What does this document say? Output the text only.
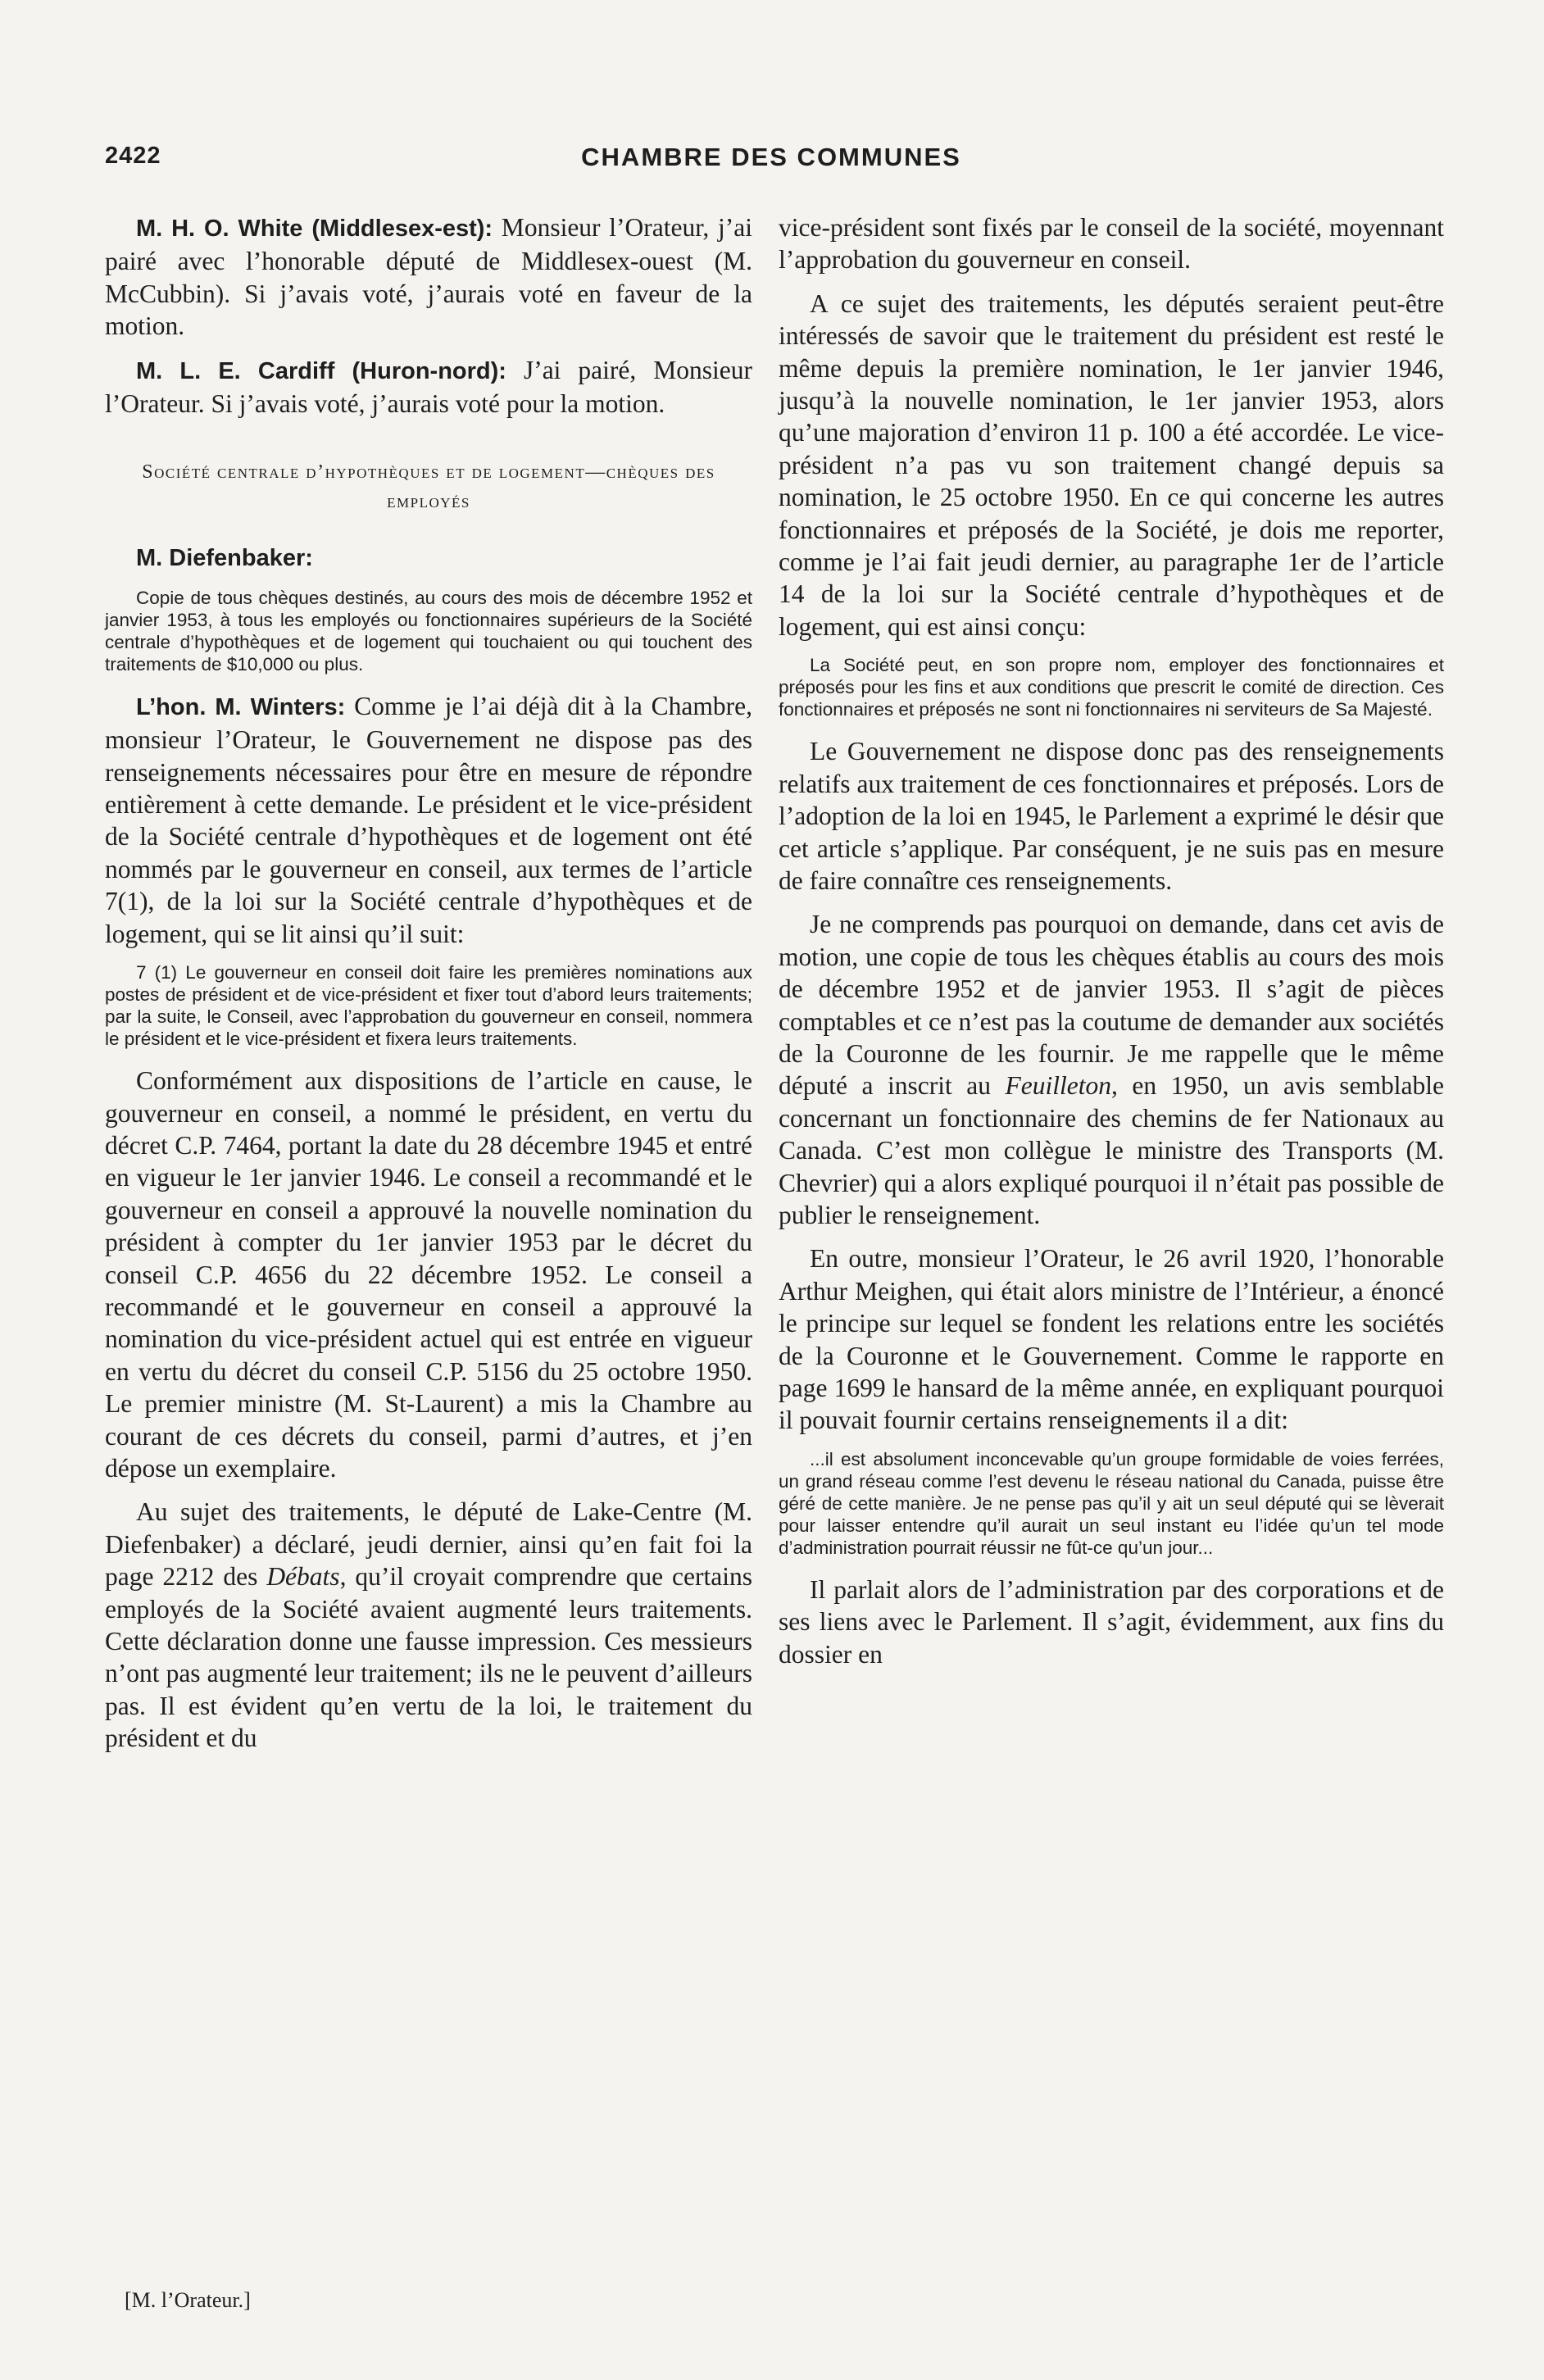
2422	CHAMBRE DES COMMUNES

M. H. O. White (Middlesex-est): Monsieur l’Orateur, j’ai pairé avec l’honorable député de Middlesex-ouest (M. McCubbin). Si j’avais voté, j’aurais voté en faveur de la motion.

M. L. E. Cardiff (Huron-nord): J’ai pairé, Monsieur l’Orateur. Si j’avais voté, j’aurais voté pour la motion.

Société centrale d’hypothèques et de logement—chèques des employés

M. Diefenbaker:

Copie de tous chèques destinés, au cours des mois de décembre 1952 et janvier 1953, à tous les employés ou fonctionnaires supérieurs de la Société centrale d’hypothèques et de logement qui touchaient ou qui touchent des traitements de $10,000 ou plus.

L’hon. M. Winters: Comme je l’ai déjà dit à la Chambre, monsieur l’Orateur, le Gouvernement ne dispose pas des renseignements nécessaires pour être en mesure de répondre entièrement à cette demande. Le président et le vice-président de la Société centrale d’hypothèques et de logement ont été nommés par le gouverneur en conseil, aux termes de l’article 7(1), de la loi sur la Société centrale d’hypothèques et de logement, qui se lit ainsi qu’il suit:

7 (1) Le gouverneur en conseil doit faire les premières nominations aux postes de président et de vice-président et fixer tout d’abord leurs traitements; par la suite, le Conseil, avec l’approbation du gouverneur en conseil, nommera le président et le vice-président et fixera leurs traitements.

Conformément aux dispositions de l’article en cause, le gouverneur en conseil, a nommé le président, en vertu du décret C.P. 7464, portant la date du 28 décembre 1945 et entré en vigueur le 1er janvier 1946. Le conseil a recommandé et le gouverneur en conseil a approuvé la nouvelle nomination du président à compter du 1er janvier 1953 par le décret du conseil C.P. 4656 du 22 décembre 1952. Le conseil a recommandé et le gouverneur en conseil a approuvé la nomination du vice-président actuel qui est entrée en vigueur en vertu du décret du conseil C.P. 5156 du 25 octobre 1950. Le premier ministre (M. St-Laurent) a mis la Chambre au courant de ces décrets du conseil, parmi d’autres, et j’en dépose un exemplaire.

Au sujet des traitements, le député de Lake-Centre (M. Diefenbaker) a déclaré, jeudi dernier, ainsi qu’en fait foi la page 2212 des Débats, qu’il croyait comprendre que certains employés de la Société avaient augmenté leurs traitements. Cette déclaration donne une fausse impression. Ces messieurs n’ont pas augmenté leur traitement; ils ne le peuvent d’ailleurs pas. Il est évident qu’en vertu de la loi, le traitement du président et du

[M. l’Orateur.]

vice-président sont fixés par le conseil de la société, moyennant l’approbation du gouverneur en conseil.

A ce sujet des traitements, les députés seraient peut-être intéressés de savoir que le traitement du président est resté le même depuis la première nomination, le 1er janvier 1946, jusqu’à la nouvelle nomination, le 1er janvier 1953, alors qu’une majoration d’environ 11 p. 100 a été accordée. Le vice-président n’a pas vu son traitement changé depuis sa nomination, le 25 octobre 1950. En ce qui concerne les autres fonctionnaires et préposés de la Société, je dois me reporter, comme je l’ai fait jeudi dernier, au paragraphe 1er de l’article 14 de la loi sur la Société centrale d’hypothèques et de logement, qui est ainsi conçu:

La Société peut, en son propre nom, employer des fonctionnaires et préposés pour les fins et aux conditions que prescrit le comité de direction. Ces fonctionnaires et préposés ne sont ni fonctionnaires ni serviteurs de Sa Majesté.

Le Gouvernement ne dispose donc pas des renseignements relatifs aux traitement de ces fonctionnaires et préposés. Lors de l’adoption de la loi en 1945, le Parlement a exprimé le désir que cet article s’applique. Par conséquent, je ne suis pas en mesure de faire connaître ces renseignements.

Je ne comprends pas pourquoi on demande, dans cet avis de motion, une copie de tous les chèques établis au cours des mois de décembre 1952 et de janvier 1953. Il s’agit de pièces comptables et ce n’est pas la coutume de demander aux sociétés de la Couronne de les fournir. Je me rappelle que le même député a inscrit au Feuilleton, en 1950, un avis semblable concernant un fonctionnaire des chemins de fer Nationaux au Canada. C’est mon collègue le ministre des Transports (M. Chevrier) qui a alors expliqué pourquoi il n’était pas possible de publier le renseignement.

En outre, monsieur l’Orateur, le 26 avril 1920, l’honorable Arthur Meighen, qui était alors ministre de l’Intérieur, a énoncé le principe sur lequel se fondent les relations entre les sociétés de la Couronne et le Gouvernement. Comme le rapporte en page 1699 le hansard de la même année, en expliquant pourquoi il pouvait fournir certains renseignements il a dit:

...il est absolument inconcevable qu’un groupe formidable de voies ferrées, un grand réseau comme l’est devenu le réseau national du Canada, puisse être géré de cette manière. Je ne pense pas qu’il y ait un seul député qui se lèverait pour laisser entendre qu’il aurait un seul instant eu l’idée qu’un tel mode d’administration pourrait réussir ne fût-ce qu’un jour...

Il parlait alors de l’administration par des corporations et de ses liens avec le Parlement. Il s’agit, évidemment, aux fins du dossier en
